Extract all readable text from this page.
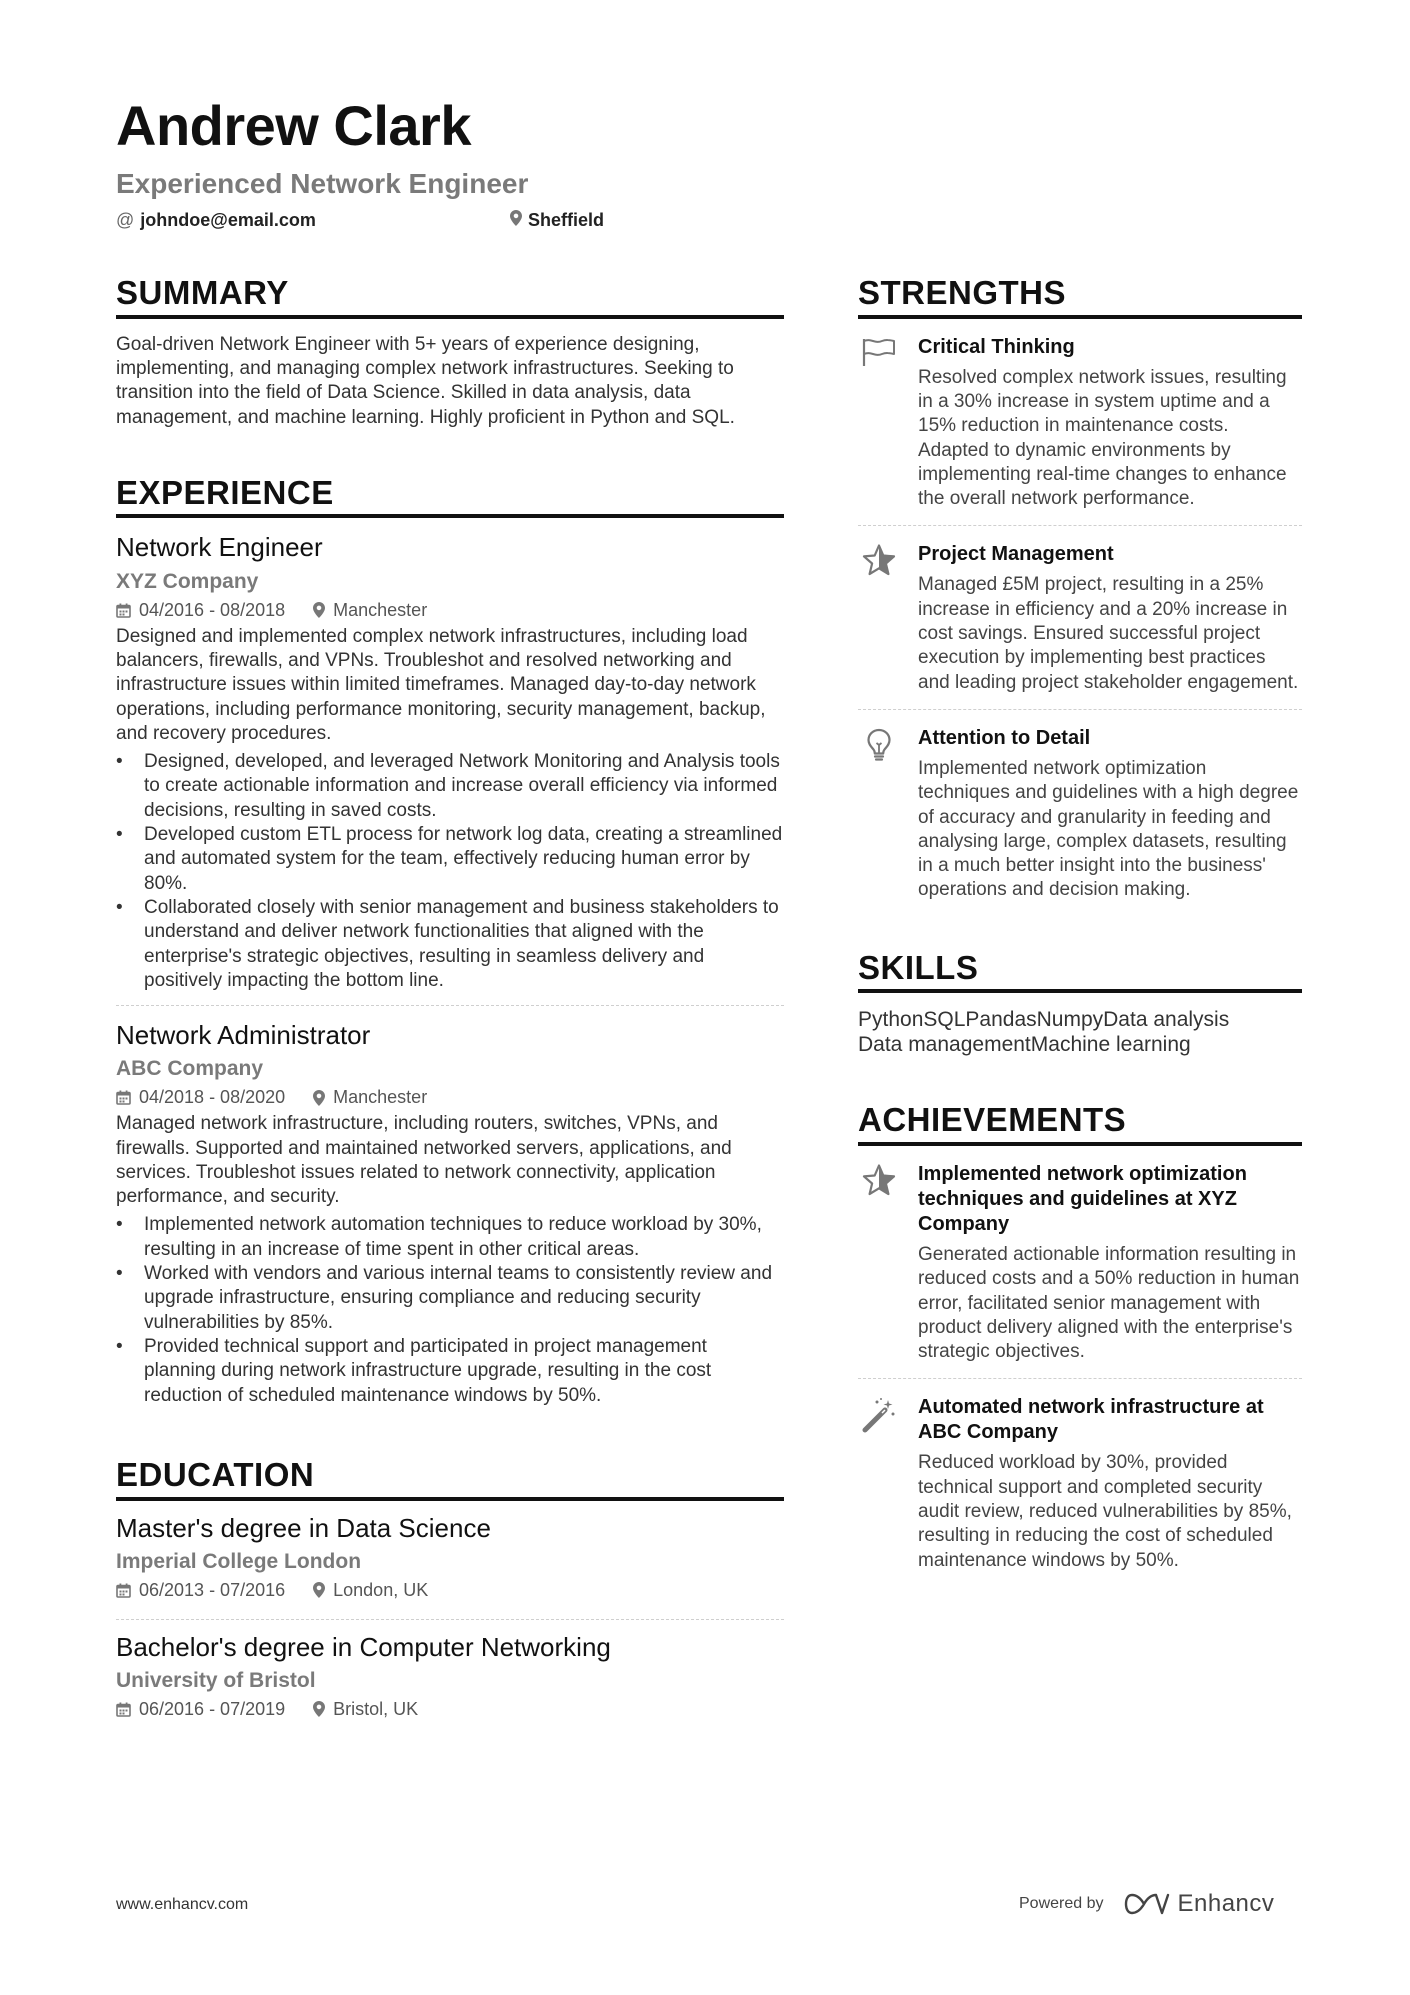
Andrew Clark
Experienced Network Engineer
@ johndoe@email.com	Sheffield
SUMMARY

Goal-driven Network Engineer with 5+ years of experience designing, implementing, and managing complex network infrastructures. Seeking to transition into the field of Data Science. Skilled in data analysis, data management, and machine learning. Highly proficient in Python and SQL.

EXPERIENCE
Network Engineer
XYZ Company
04/2016 - 08/2018	Manchester

Designed and implemented complex network infrastructures, including load balancers, firewalls, and VPNs. Troubleshot and resolved networking and infrastructure issues within limited timeframes. Managed day-to-day network operations, including performance monitoring, security management, backup, and recovery procedures.

• Designed, developed, and leveraged Network Monitoring and Analysis tools to create actionable information and increase overall efficiency via informed decisions, resulting in saved costs.
• Developed custom ETL process for network log data, creating a streamlined and automated system for the team, effectively reducing human error by 80%.
• Collaborated closely with senior management and business stakeholders to understand and deliver network functionalities that aligned with the enterprise's strategic objectives, resulting in seamless delivery and positively impacting the bottom line.
Network Administrator
ABC Company
04/2018 - 08/2020	Manchester

Managed network infrastructure, including routers, switches, VPNs, and firewalls. Supported and maintained networked servers, applications, and services. Troubleshot issues related to network connectivity, application performance, and security.

• Implemented network automation techniques to reduce workload by 30%, resulting in an increase of time spent in other critical areas.
• Worked with vendors and various internal teams to consistently review and upgrade infrastructure, ensuring compliance and reducing security vulnerabilities by 85%.
• Provided technical support and participated in project management planning during network infrastructure upgrade, resulting in the cost reduction of scheduled maintenance windows by 50%.
EDUCATION
Master's degree in Data Science
Imperial College London
06/2013 - 07/2016	London, UK
Bachelor's degree in Computer Networking
University of Bristol
06/2016 - 07/2019	Bristol, UK
STRENGTHS
Critical Thinking
Resolved complex network issues, resulting in a 30% increase in system uptime and a 15% reduction in maintenance costs. Adapted to dynamic environments by implementing real-time changes to enhance the overall network performance.
Project Management
Managed £5M project, resulting in a 25% increase in efficiency and a 20% increase in cost savings. Ensured successful project execution by implementing best practices and leading project stakeholder engagement.
Attention to Detail
Implemented network optimization techniques and guidelines with a high degree of accuracy and granularity in feeding and analysing large, complex datasets, resulting in a much better insight into the business' operations and decision making.
SKILLS
PythonSQLPandasNumpyData analysis
Data managementMachine learning
ACHIEVEMENTS
Implemented network optimization techniques and guidelines at XYZ Company
Generated actionable information resulting in reduced costs and a 50% reduction in human error, facilitated senior management with product delivery aligned with the enterprise's strategic objectives.
Automated network infrastructure at ABC Company
Reduced workload by 30%, provided technical support and completed security audit review, reduced vulnerabilities by 85%, resulting in reducing the cost of scheduled maintenance windows by 50%.
www.enhancv.com	Powered by	Enhancv
